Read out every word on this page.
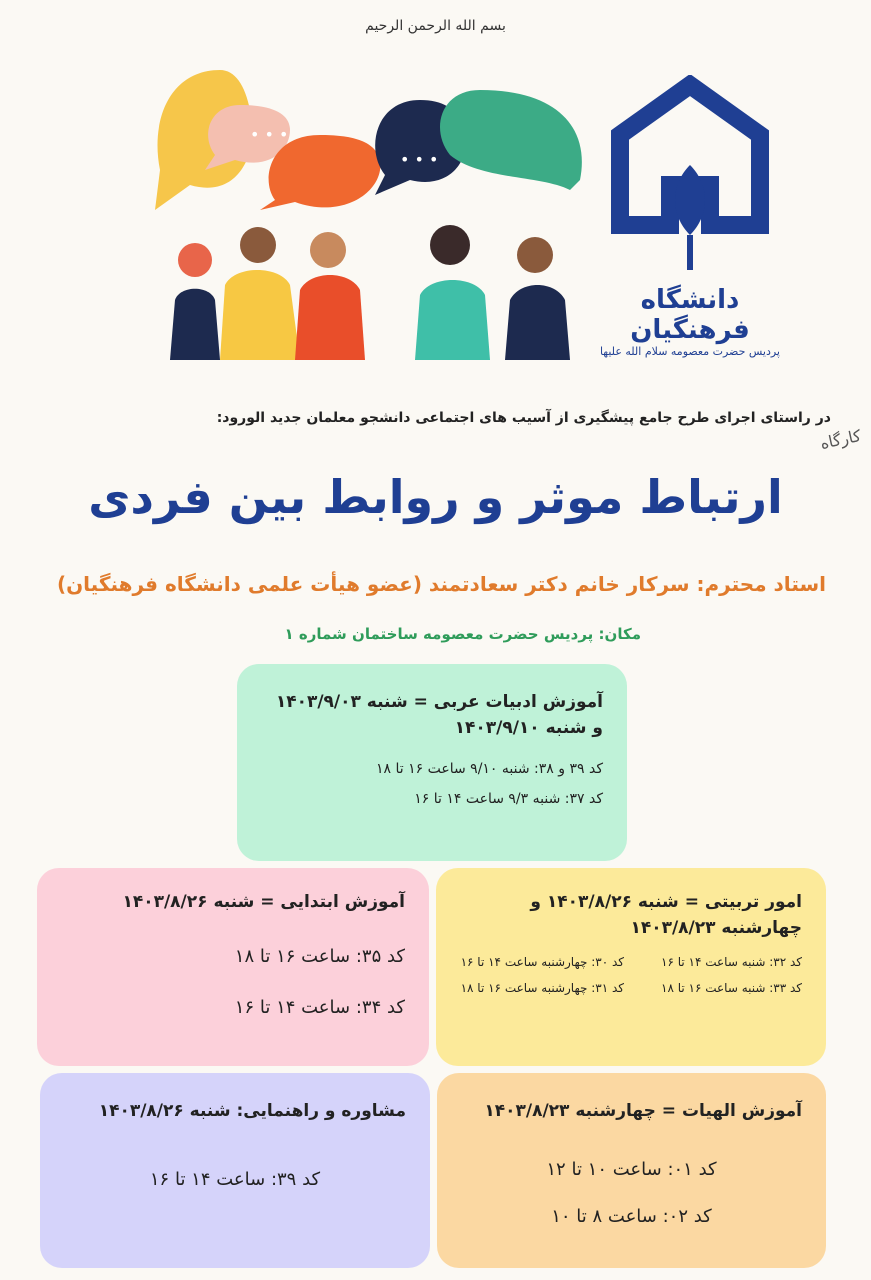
بسم الله الرحمن الرحیم
• • •
• • •
دانشگاه فرهنگیان
پردیس حضرت معصومه سلام الله علیها
در راستای اجرای طرح جامع پیشگیری از آسیب های اجتماعی دانشجو معلمان جدید الورود:
کارگاه
ارتباط موثر و روابط بین فردی
استاد محترم: سرکار خانم دکتر سعادتمند (عضو هیأت علمی دانشگاه فرهنگیان)
مکان: پردیس حضرت معصومه ساختمان شماره ۱
آموزش ادبیات عربی = شنبه ۱۴۰۳/۹/۰۳ و شنبه ۱۴۰۳/۹/۱۰
کد ۳۹ و ۳۸: شنبه ۹/۱۰ ساعت ۱۶ تا ۱۸
کد ۳۷: شنبه ۹/۳ ساعت ۱۴ تا ۱۶
آموزش ابتدایی = شنبه ۱۴۰۳/۸/۲۶
کد ۳۵: ساعت ۱۶ تا ۱۸
کد ۳۴: ساعت ۱۴ تا ۱۶
امور تربیتی = شنبه ۱۴۰۳/۸/۲۶ و چهارشنبه ۱۴۰۳/۸/۲۳
کد ۳۲: شنبه ساعت ۱۴ تا ۱۶
کد ۳۰: چهارشنبه ساعت ۱۴ تا ۱۶
کد ۳۳: شنبه ساعت ۱۶ تا ۱۸
کد ۳۱: چهارشنبه ساعت ۱۶ تا ۱۸
مشاوره و راهنمایی: شنبه ۱۴۰۳/۸/۲۶
کد ۳۹: ساعت ۱۴ تا ۱۶
آموزش الهیات = چهارشنبه ۱۴۰۳/۸/۲۳
کد ۰۱: ساعت ۱۰ تا ۱۲
کد ۰۲: ساعت ۸ تا ۱۰
